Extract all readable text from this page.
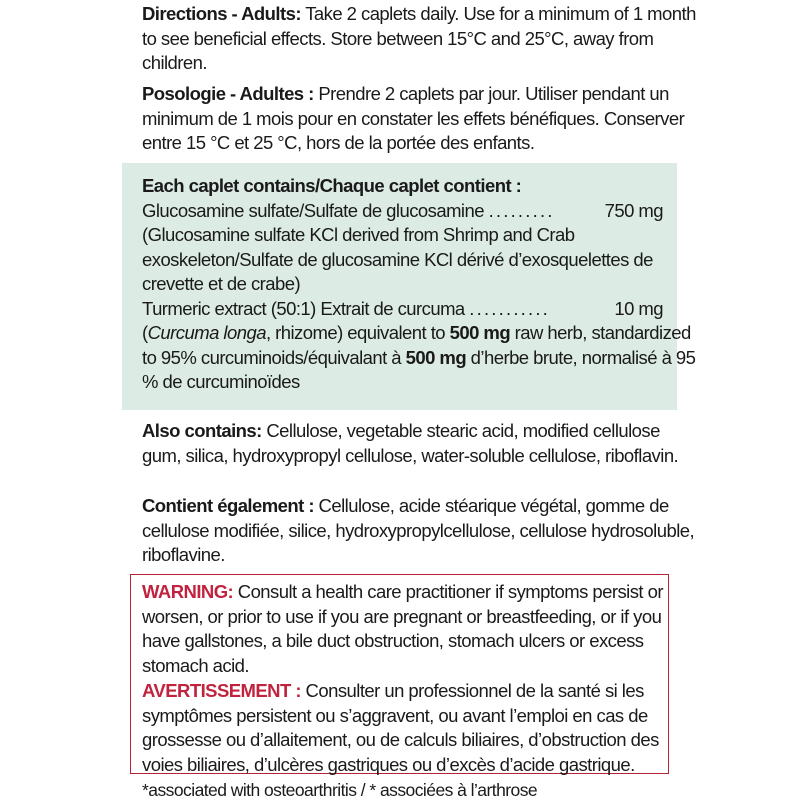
Directions - Adults: Take 2 caplets daily. Use for a minimum of 1 month to see beneficial effects. Store between 15°C and 25°C, away from children.

Posologie - Adultes : Prendre 2 caplets par jour. Utiliser pendant un minimum de 1 mois pour en constater les effets bénéfiques. Conserver entre 15 °C et 25 °C, hors de la portée des enfants.

Each caplet contains/Chaque caplet contient :

Glucosamine sulfate/Sulfate de glucosamine .........	750 mg

(Glucosamine sulfate KCl derived from Shrimp and Crab exoskeleton/Sulfate de glucosamine KCl dérivé d’exosquelettes de crevette et de crabe)

Turmeric extract (50:1) Extrait de curcuma ...........	10 mg

(Curcuma longa, rhizome) equivalent to 500 mg raw herb, standardized to 95% curcuminoids/équivalant à 500 mg d’herbe brute, normalisé à 95 % de curcuminoïdes

Also contains: Cellulose, vegetable stearic acid, modified cellulose gum, silica, hydroxypropyl cellulose, water-soluble cellulose, riboflavin.

Contient également : Cellulose, acide stéarique végétal, gomme de cellulose modifiée, silice, hydroxypropylcellulose, cellulose hydrosoluble, riboflavine.

WARNING: Consult a health care practitioner if symptoms persist or worsen, or prior to use if you are pregnant or breastfeeding, or if you have gallstones, a bile duct obstruction, stomach ulcers or excess stomach acid.

AVERTISSEMENT : Consulter un professionnel de la santé si les symptômes persistent ou s’aggravent, ou avant l’emploi en cas de grossesse ou d’allaitement, ou de calculs biliaires, d’obstruction des voies biliaires, d’ulcères gastriques ou d’excès d’acide gastrique.

*associated with osteoarthritis / * associées à l’arthrose
